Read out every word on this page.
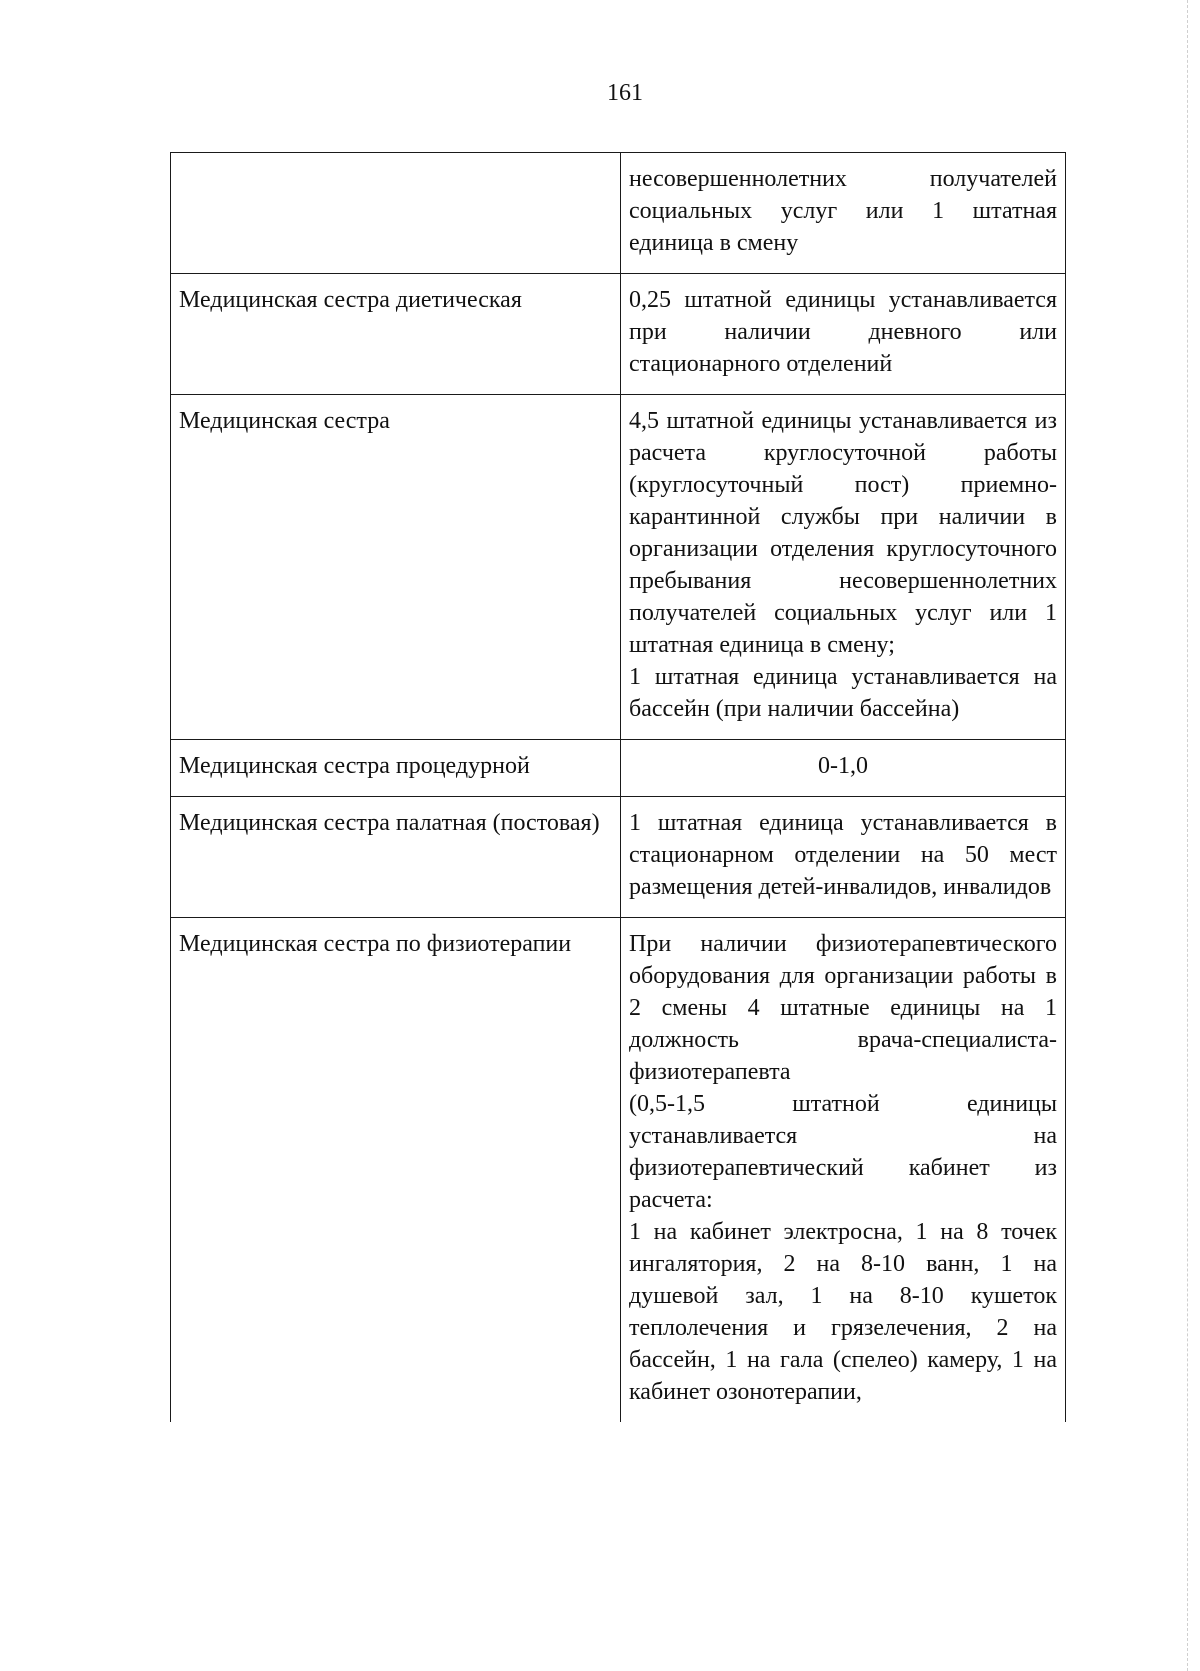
161

	несовершеннолетних получателей социальных услуг или 1 штатная единица в смену

Медицинская сестра диетическая	0,25 штатной единицы устанавливается при наличии дневного или стационарного отделений

Медицинская сестра	4,5 штатной единицы устанавливается из расчета круглосуточной работы (круглосуточный пост) приемно-карантинной службы при наличии в организации отделения круглосуточного пребывания несовершеннолетних получателей социальных услуг или 1 штатная единица в смену;

1 штатная единица устанавливается на бассейн (при наличии бассейна)

Медицинская сестра процедурной	0-1,0

Медицинская сестра палатная (постовая)	1 штатная единица устанавливается в стационарном отделении на 50 мест размещения детей-инвалидов, инвалидов

Медицинская сестра по физиотерапии	При наличии физиотерапевтического оборудования для организации работы в 2 смены 4 штатные единицы на 1 должность врача-специалиста-физиотерапевта

(0,5-1,5 штатной единицы устанавливается на физиотерапевтический кабинет из расчета:

1 на кабинет электросна, 1 на 8 точек ингалятория, 2 на 8-10 ванн, 1 на душевой зал, 1 на 8-10 кушеток теплолечения и грязелечения, 2 на бассейн, 1 на гала (спелео) камеру, 1 на кабинет озонотерапии,
